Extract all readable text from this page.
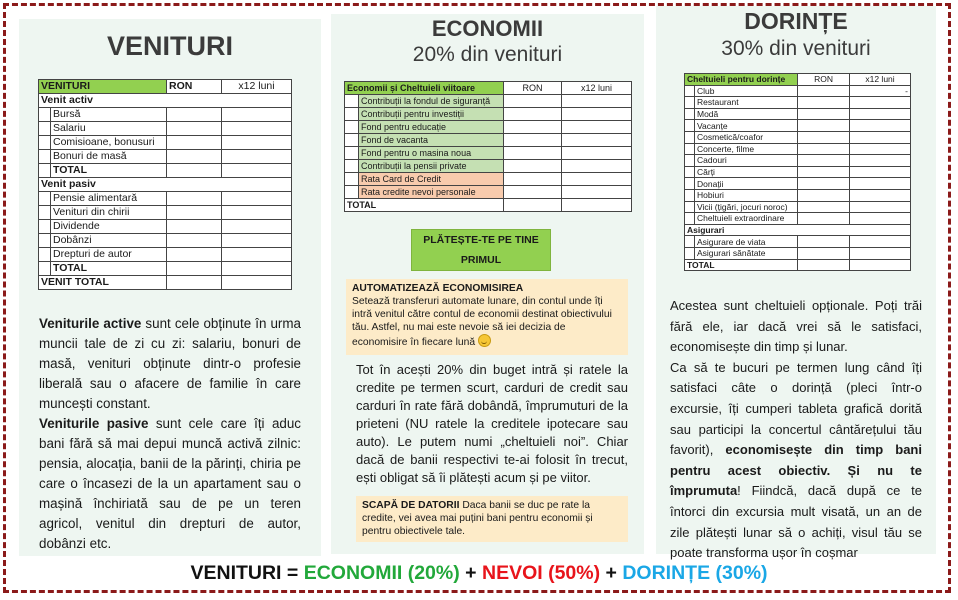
VENITURI
VENITURI		RON	x12 luni
Venit activ			
	Bursă		
	Salariu		
	Comisioane, bonusuri		
	Bonuri de masă		
	TOTAL		
Venit pasiv			
	Pensie alimentară		
	Venituri din chirii		
	Dividende		
	Dobânzi		
	Drepturi de autor		
	TOTAL		
VENIT TOTAL			

Veniturile active sunt cele obținute în urma muncii tale de zi cu zi: salariu, bonuri de masă, venituri obținute dintr-o profesie liberală sau o afacere de familie în care muncești constant.

Veniturile pasive sunt cele care îți aduc bani fără să mai depui muncă activă zilnic: pensia, alocația, banii de la părinți, chiria pe care o încasezi de la un apartament sau o mașină închiriată sau de pe un teren agricol, venitul din drepturi de autor, dobânzi etc.

ECONOMII
20% din venituri
Economii și Cheltuieli viitoare		RON	x12 luni
	Contribuții la fondul de siguranță		
	Contribuții pentru investiții		
	Fond pentru educație		
	Fond de vacanta		
	Fond pentru o masina noua		
	Contribuții la pensii private		
	Rata Card de Credit		
	Rata credite nevoi personale		
TOTAL			
PLĂTEȘTE-TE PE TINE
PRIMUL
AUTOMATIZEAZĂ ECONOMISIREA
Setează transferuri automate lunare, din contul unde îți intră venitul către contul de economii destinat obiectivului tău. Astfel, nu mai este nevoie să iei decizia de economisire în fiecare lună
Tot în acești 20% din buget intră și ratele la credite pe termen scurt, carduri de credit sau carduri în rate fără dobândă, împrumuturi de la prieteni (NU ratele la creditele ipotecare sau auto). Le putem numi „cheltuieli noi”. Chiar dacă de banii respectivi te-ai folosit în trecut, ești obligat să îi plătești acum și pe viitor.
SCAPĂ DE DATORII Daca banii se duc pe rate la credite, vei avea mai puțini bani pentru economii și pentru obiectivele tale.
DORINȚE
30% din venituri
Cheltuieli pentru dorințe		RON	x12 luni
	Club		-
	Restaurant		
	Modă		
	Vacanțe		
	Cosmetică/coafor		
	Concerte, filme		
	Cadouri		
	Cărți		
	Donații		
	Hobiuri		
	Vicii (țigări, jocuri noroc)		
	Cheltuieli extraordinare		
Asigurari			
	Asigurare de viata		
	Asigurari sănătate		
TOTAL			

Acestea sunt cheltuieli opționale. Poți trăi fără ele, iar dacă vrei să le satisfaci, economisește din timp și lunar.

Ca să te bucuri pe termen lung când îți satisfaci câte o dorință (pleci într-o excursie, îți cumperi tableta grafică dorită sau participi la concertul cântărețului tău favorit), economisește din timp bani pentru acest obiectiv. Și nu te împrumuta! Fiindcă, dacă după ce te întorci din excursia mult visată, un an de zile plătești lunar să o achiți, visul tău se poate transforma ușor în coșmar

VENITURI = ECONOMII (20%) + NEVOI (50%) + DORINȚE (30%)
